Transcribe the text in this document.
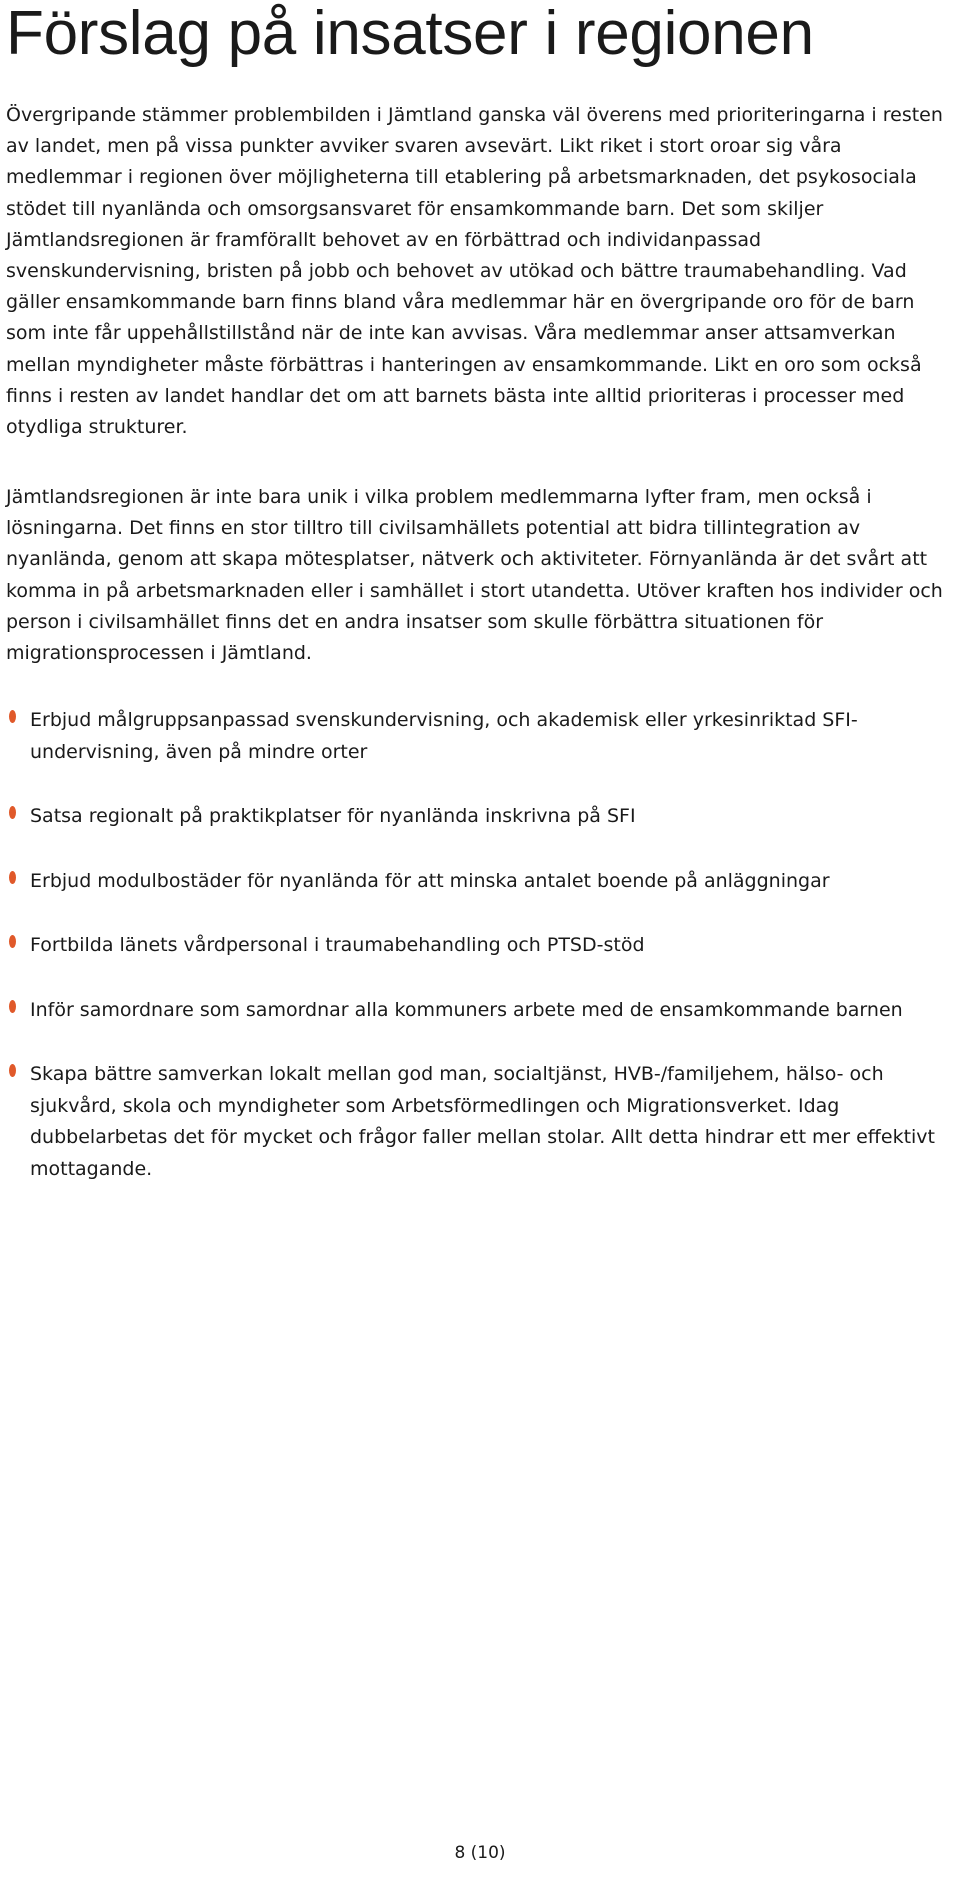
Förslag på insatser i regionen

Övergripande stämmer problembilden i Jämtland ganska väl överens med prioriteringarna i resten av landet, men på vissa punkter avviker svaren avsevärt. Likt riket i stort oroar sig våra medlemmar i regionen över möjligheterna till etablering på arbetsmarknaden, det psykosociala stödet till nyanlända och omsorgsansvaret för ensamkommande barn. Det som skiljer Jämtlandsregionen är framförallt behovet av en förbättrad och individanpassad svenskundervisning, bristen på jobb och behovet av utökad och bättre traumabehandling. Vad gäller ensamkommande barn finns bland våra medlemmar här en övergripande oro för de barn som inte får uppehållstillstånd när de inte kan avvisas. Våra medlemmar anser attsamverkan mellan myndigheter måste förbättras i hanteringen av ensamkommande. Likt en oro som också finns i resten av landet handlar det om att barnets bästa inte alltid prioriteras i processer med otydliga strukturer.

Jämtlandsregionen är inte bara unik i vilka problem medlemmarna lyfter fram, men också i lösningarna. Det finns en stor tilltro till civilsamhällets potential att bidra tillintegration av nyanlända, genom att skapa mötesplatser, nätverk och aktiviteter. Förnyanlända är det svårt att komma in på arbetsmarknaden eller i samhället i stort utandetta. Utöver kraften hos individer och person i civilsamhället finns det en andra insatser som skulle förbättra situationen för migrationsprocessen i Jämtland.

Erbjud målgruppsanpassad svenskundervisning, och akademisk eller yrkesinriktad SFI-undervisning, även på mindre orter
Satsa regionalt på praktikplatser för nyanlända inskrivna på SFI
Erbjud modulbostäder för nyanlända för att minska antalet boende på anläggningar
Fortbilda länets vårdpersonal i traumabehandling och PTSD-stöd
Inför samordnare som samordnar alla kommuners arbete med de ensamkommande barnen
Skapa bättre samverkan lokalt mellan god man, socialtjänst, HVB-/familjehem, hälso- och sjukvård, skola och myndigheter som Arbetsförmedlingen och Migrationsverket. Idag dubbelarbetas det för mycket och frågor faller mellan stolar. Allt detta hindrar ett mer effektivt mottagande.
8 (10)
